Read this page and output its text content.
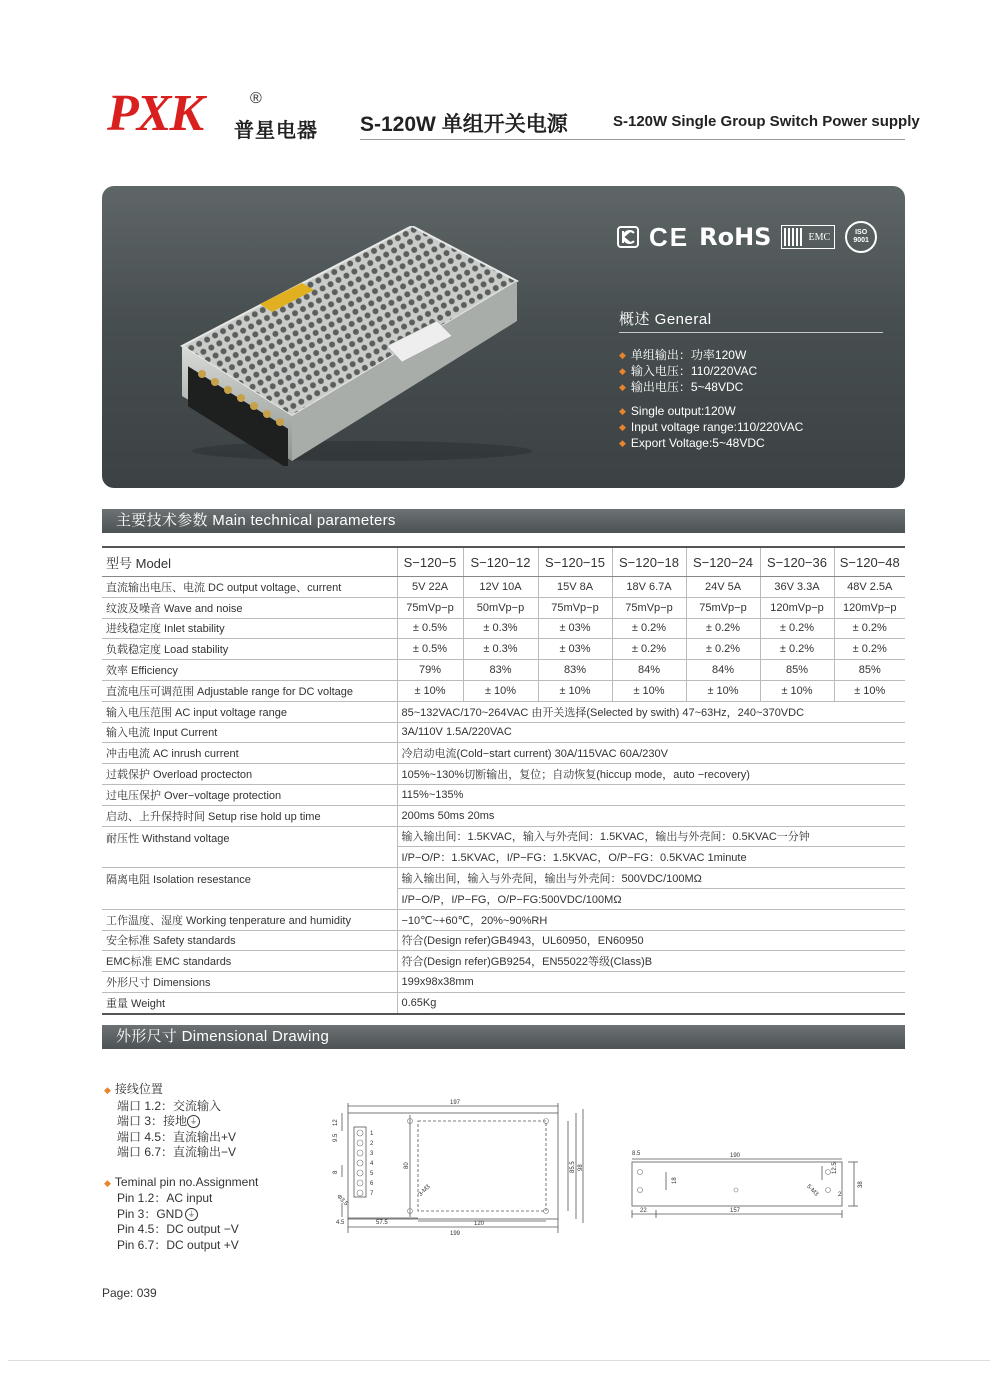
PXK	®
普星电器 S-120W 单组开关电源	S-120W Single Group Switch Power supply
CE RoHS	EMC	ISO 9001
概述 General
◆ 单组输出：功率120W
◆ 输入电压：110/220VAC
◆ 输出电压：5~48VDC
◆ Single output:120W
◆ Input voltage range:110/220VAC
◆ Export Voltage:5~48VDC
主要技术参数 Main technical parameters
型号 Model	S−120−5	S−120−12	S−120−15	S−120−18	S−120−24	S−120−36	S−120−48
直流输出电压、电流 DC output voltage、current	5V 22A	12V 10A	15V 8A	18V 6.7A	24V 5A	36V 3.3A	48V 2.5A
纹波及噪音 Wave and noise	75mVp−p	50mVp−p	75mVp−p	75mVp−p	75mVp−p	120mVp−p	120mVp−p
进线稳定度 Inlet stability	± 0.5%	± 0.3%	± 03%	± 0.2%	± 0.2%	± 0.2%	± 0.2%
负载稳定度 Load stability	± 0.5%	± 0.3%	± 03%	± 0.2%	± 0.2%	± 0.2%	± 0.2%
效率 Efficiency	79%	83%	83%	84%	84%	85%	85%
直流电压可调范围 Adjustable range for DC voltage	± 10%	± 10%	± 10%	± 10%	± 10%	± 10%	± 10%
输入电压范围 AC input voltage range	85~132VAC/170~264VAC 由开关选择(Selected by swith) 47~63Hz，240~370VDC						
输入电流 Input Current	3A/110V 1.5A/220VAC						
冲击电流 AC inrush current	冷启动电流(Cold−start current) 30A/115VAC 60A/230V						
过载保护 Overload proctecton	105%~130%切断输出，复位；自动恢复(hiccup mode，auto −recovery)						
过电压保护 Over−voltage protection	115%~135%						
启动、上升保持时间 Setup rise hold up time	200ms 50ms 20ms						
耐压性 Withstand voltage	输入输出间：1.5KVAC，输入与外壳间：1.5KVAC，输出与外壳间：0.5KVAC一分钟						
	I/P−O/P：1.5KVAC，I/P−FG：1.5KVAC，O/P−FG：0.5KVAC 1minute						
隔离电阻 Isolation resestance	输入输出间，输入与外壳间，输出与外壳间：500VDC/100MΩ						
	I/P−O/P，I/P−FG，O/P−FG:500VDC/100MΩ						
工作温度、湿度 Working tenperature and humidity	−10℃~+60℃，20%~90%RH						
安全标准 Safety standards	符合(Design refer)GB4943，UL60950，EN60950						
EMC标准 EMC standards	符合(Design refer)GB9254，EN55022等级(Class)B						
外形尺寸 Dimensions	199x98x38mm						
重量 Weight	0.65Kg						
外形尺寸 Dimensional Drawing
◆ 接线位置
端口 1.2：交流输入
端口 3：接地 ⏚
端口 4.5：直流输出+V
端口 6.7：直流输出−V
◆ Teminal pin no.Assignment
Pin 1.2：AC input
Pin 3：GND ⏚
Pin 4.5：DC output −V
Pin 6.7：DC output +V
1
2
3
4
5
6
7
197
199
120
57.5
4.5
12
9.5
8
80	85.5 98
Φ3.5
3-M3
190
157
22
8.5
18
12.5
2
38
5-M3
Page: 039
